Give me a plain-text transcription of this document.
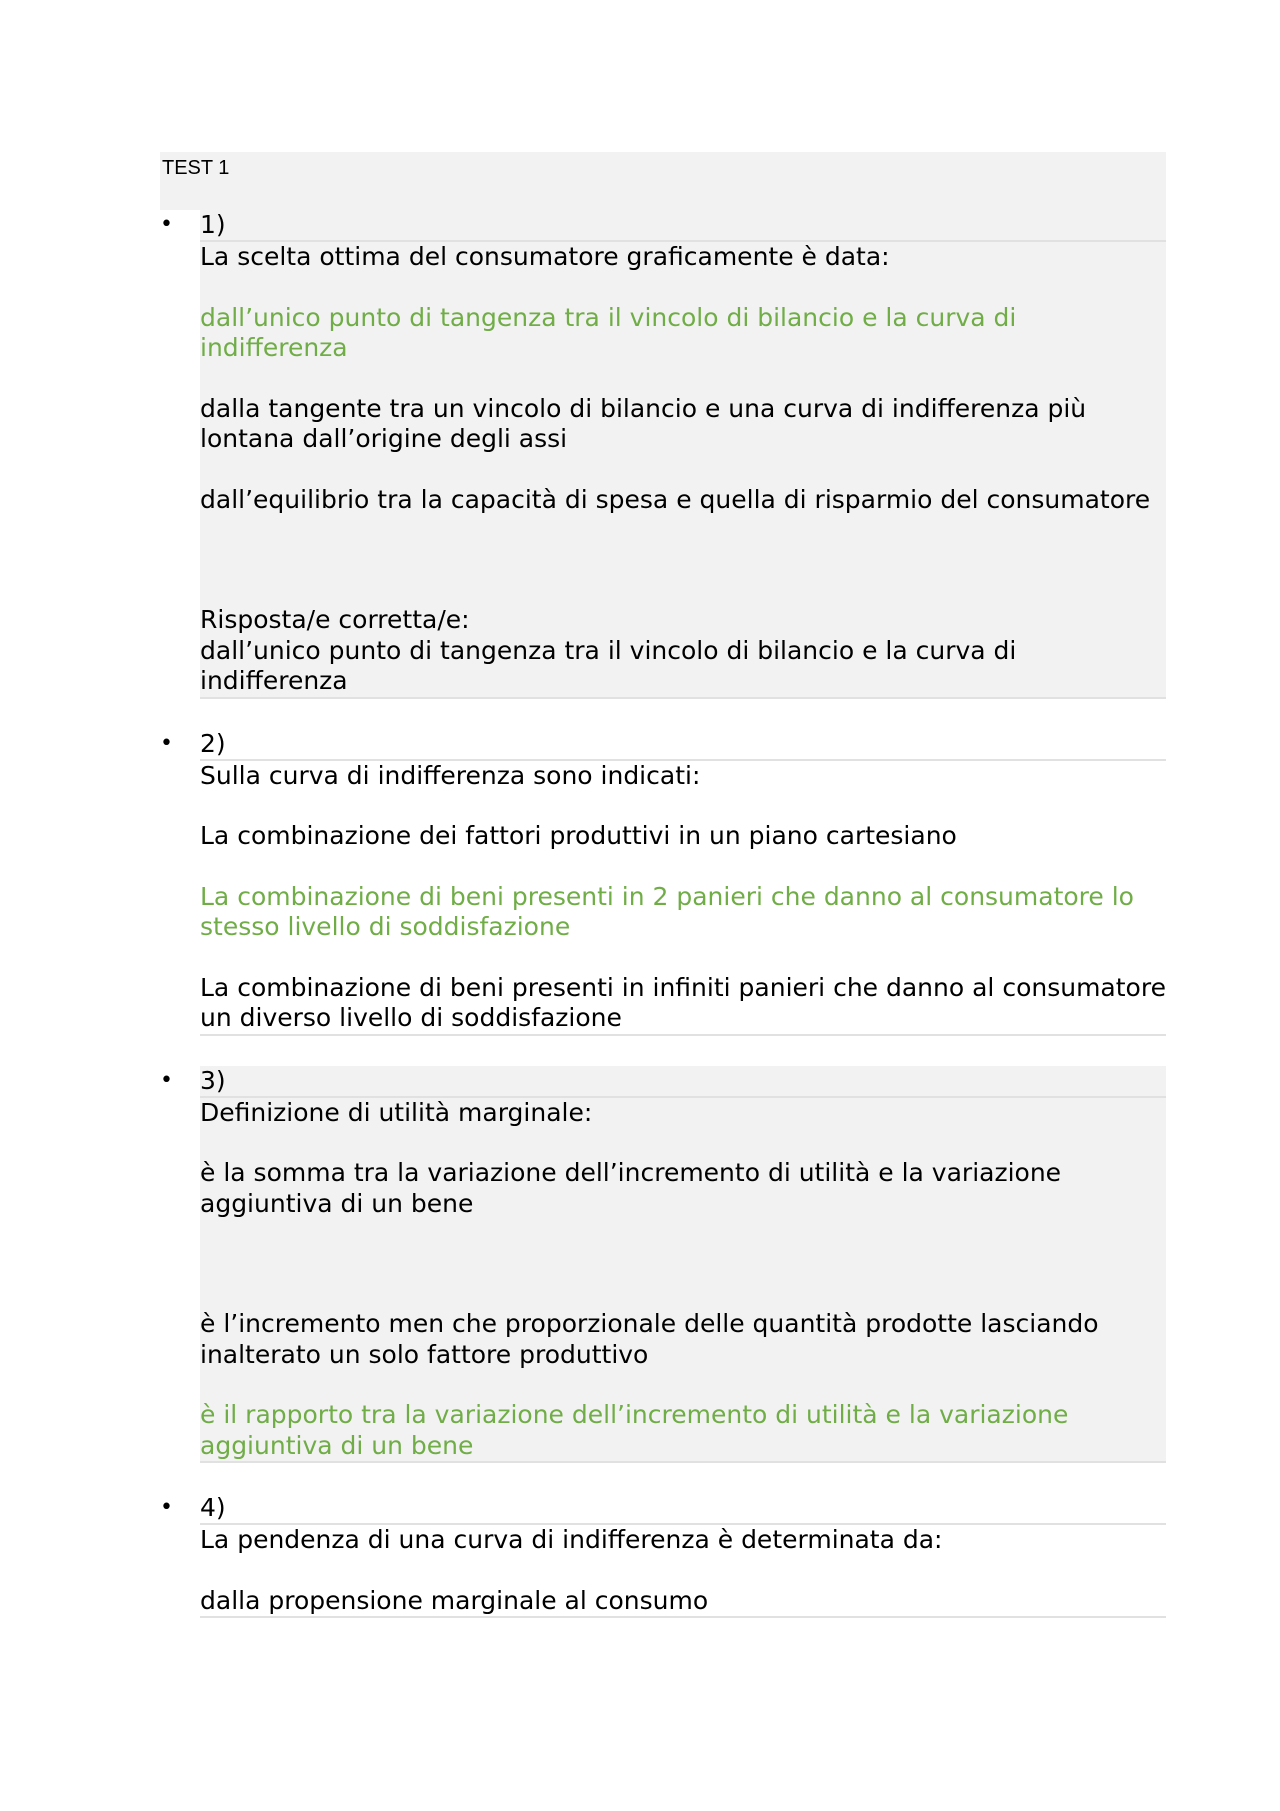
TEST 1
• 1)

La scelta ottima del consumatore graficamente è data:

dall’unico punto di tangenza tra il vincolo di bilancio e la curva di indifferenza

dalla tangente tra un vincolo di bilancio e una curva di indifferenza più lontana dall’origine degli assi

dall’equilibrio tra la capacità di spesa e quella di risparmio del consumatore

Risposta/e corretta/e:

dall’unico punto di tangenza tra il vincolo di bilancio e la curva di indifferenza

• 2)

Sulla curva di indifferenza sono indicati:

La combinazione dei fattori produttivi in un piano cartesiano

La combinazione di beni presenti in 2 panieri che danno al consumatore lo stesso livello di soddisfazione

La combinazione di beni presenti in infiniti panieri che danno al consumatore un diverso livello di soddisfazione

• 3)

Definizione di utilità marginale:

è la somma tra la variazione dell’incremento di utilità e la variazione aggiuntiva di un bene

è l’incremento men che proporzionale delle quantità prodotte lasciando inalterato un solo fattore produttivo

è il rapporto tra la variazione dell’incremento di utilità e la variazione aggiuntiva di un bene

• 4)

La pendenza di una curva di indifferenza è determinata da:

dalla propensione marginale al consumo
